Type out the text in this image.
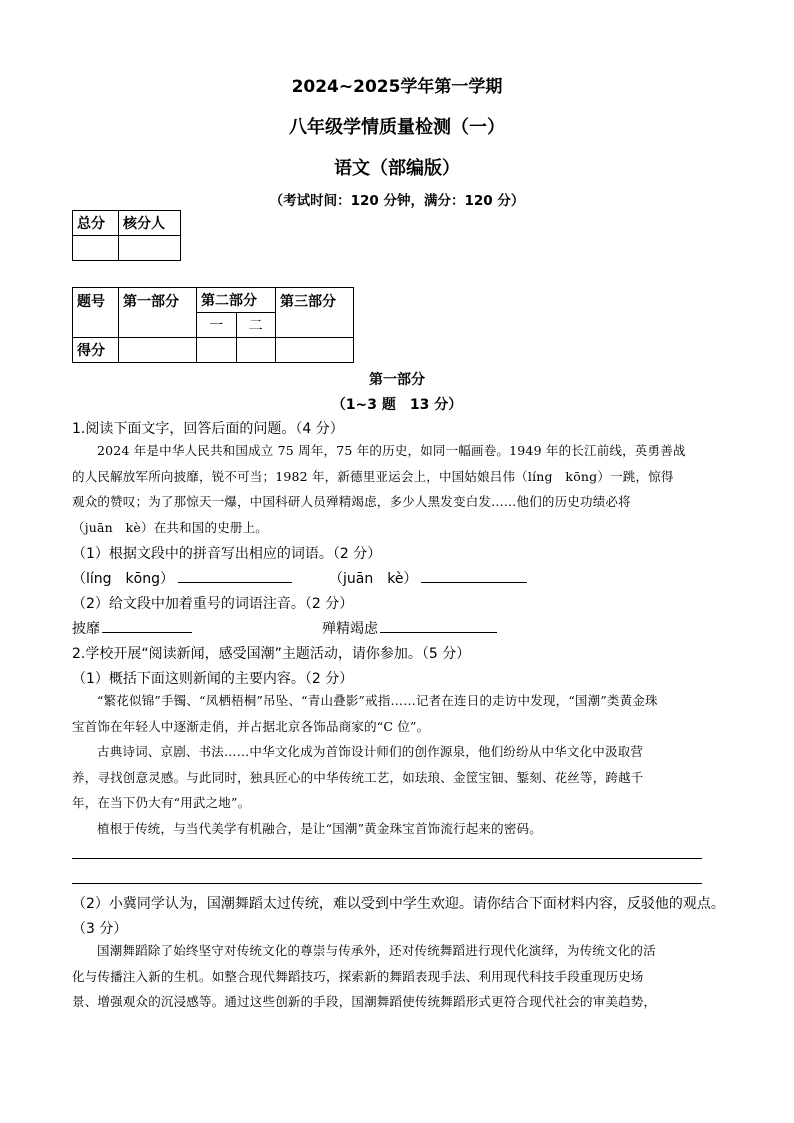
2024~2025学年第一学期
八年级学情质量检测（一）
语文（部编版）
（考试时间：120 分钟，满分：120 分）
总分	核分人

题号	第一部分	第二部分		第三部分
		一	二	
得分				
第一部分
（1~3 题　13 分）
1.阅读下面文字，回答后面的问题。（4 分）

2024 年是中华人民共和国成立 75 周年，75 年的历史，如同一幅画卷。1949 年的长江前线，英勇善战

的人民解放军所向披靡，锐不可当；1982 年，新德里亚运会上，中国姑娘吕伟（líng　kōng）一跳，惊得
观众的赞叹；为了那惊天一爆，中国科研人员殚精竭虑，多少人黑发变白发……他们的历史功绩必将
（juān　kè）在共和国的史册上。
（1）根据文段中的拼音写出相应的词语。（2 分）
（líng　kōng）	（juān　kè）
（2）给文段中加着重号的词语注音。（2 分）
披靡	殚精竭虑
2.学校开展“阅读新闻，感受国潮”主题活动，请你参加。（5 分）
（1）概括下面这则新闻的主要内容。（2 分）

“繁花似锦”手镯、“凤栖梧桐”吊坠、“青山叠影”戒指……记者在连日的走访中发现，“国潮”类黄金珠

宝首饰在年轻人中逐渐走俏，并占据北京各饰品商家的“C 位”。

古典诗词、京剧、书法……中华文化成为首饰设计师们的创作源泉，他们纷纷从中华文化中汲取营

养，寻找创意灵感。与此同时，独具匠心的中华传统工艺，如珐琅、金筐宝钿、錾刻、花丝等，跨越千
年，在当下仍大有“用武之地”。

植根于传统，与当代美学有机融合，是让“国潮”黄金珠宝首饰流行起来的密码。

（2）小冀同学认为，国潮舞蹈太过传统，难以受到中学生欢迎。请你结合下面材料内容，反驳他的观点。
（3 分）

国潮舞蹈除了始终坚守对传统文化的尊崇与传承外，还对传统舞蹈进行现代化演绎，为传统文化的活

化与传播注入新的生机。如整合现代舞蹈技巧，探索新的舞蹈表现手法、利用现代科技手段重现历史场
景、增强观众的沉浸感等。通过这些创新的手段，国潮舞蹈使传统舞蹈形式更符合现代社会的审美趋势，
